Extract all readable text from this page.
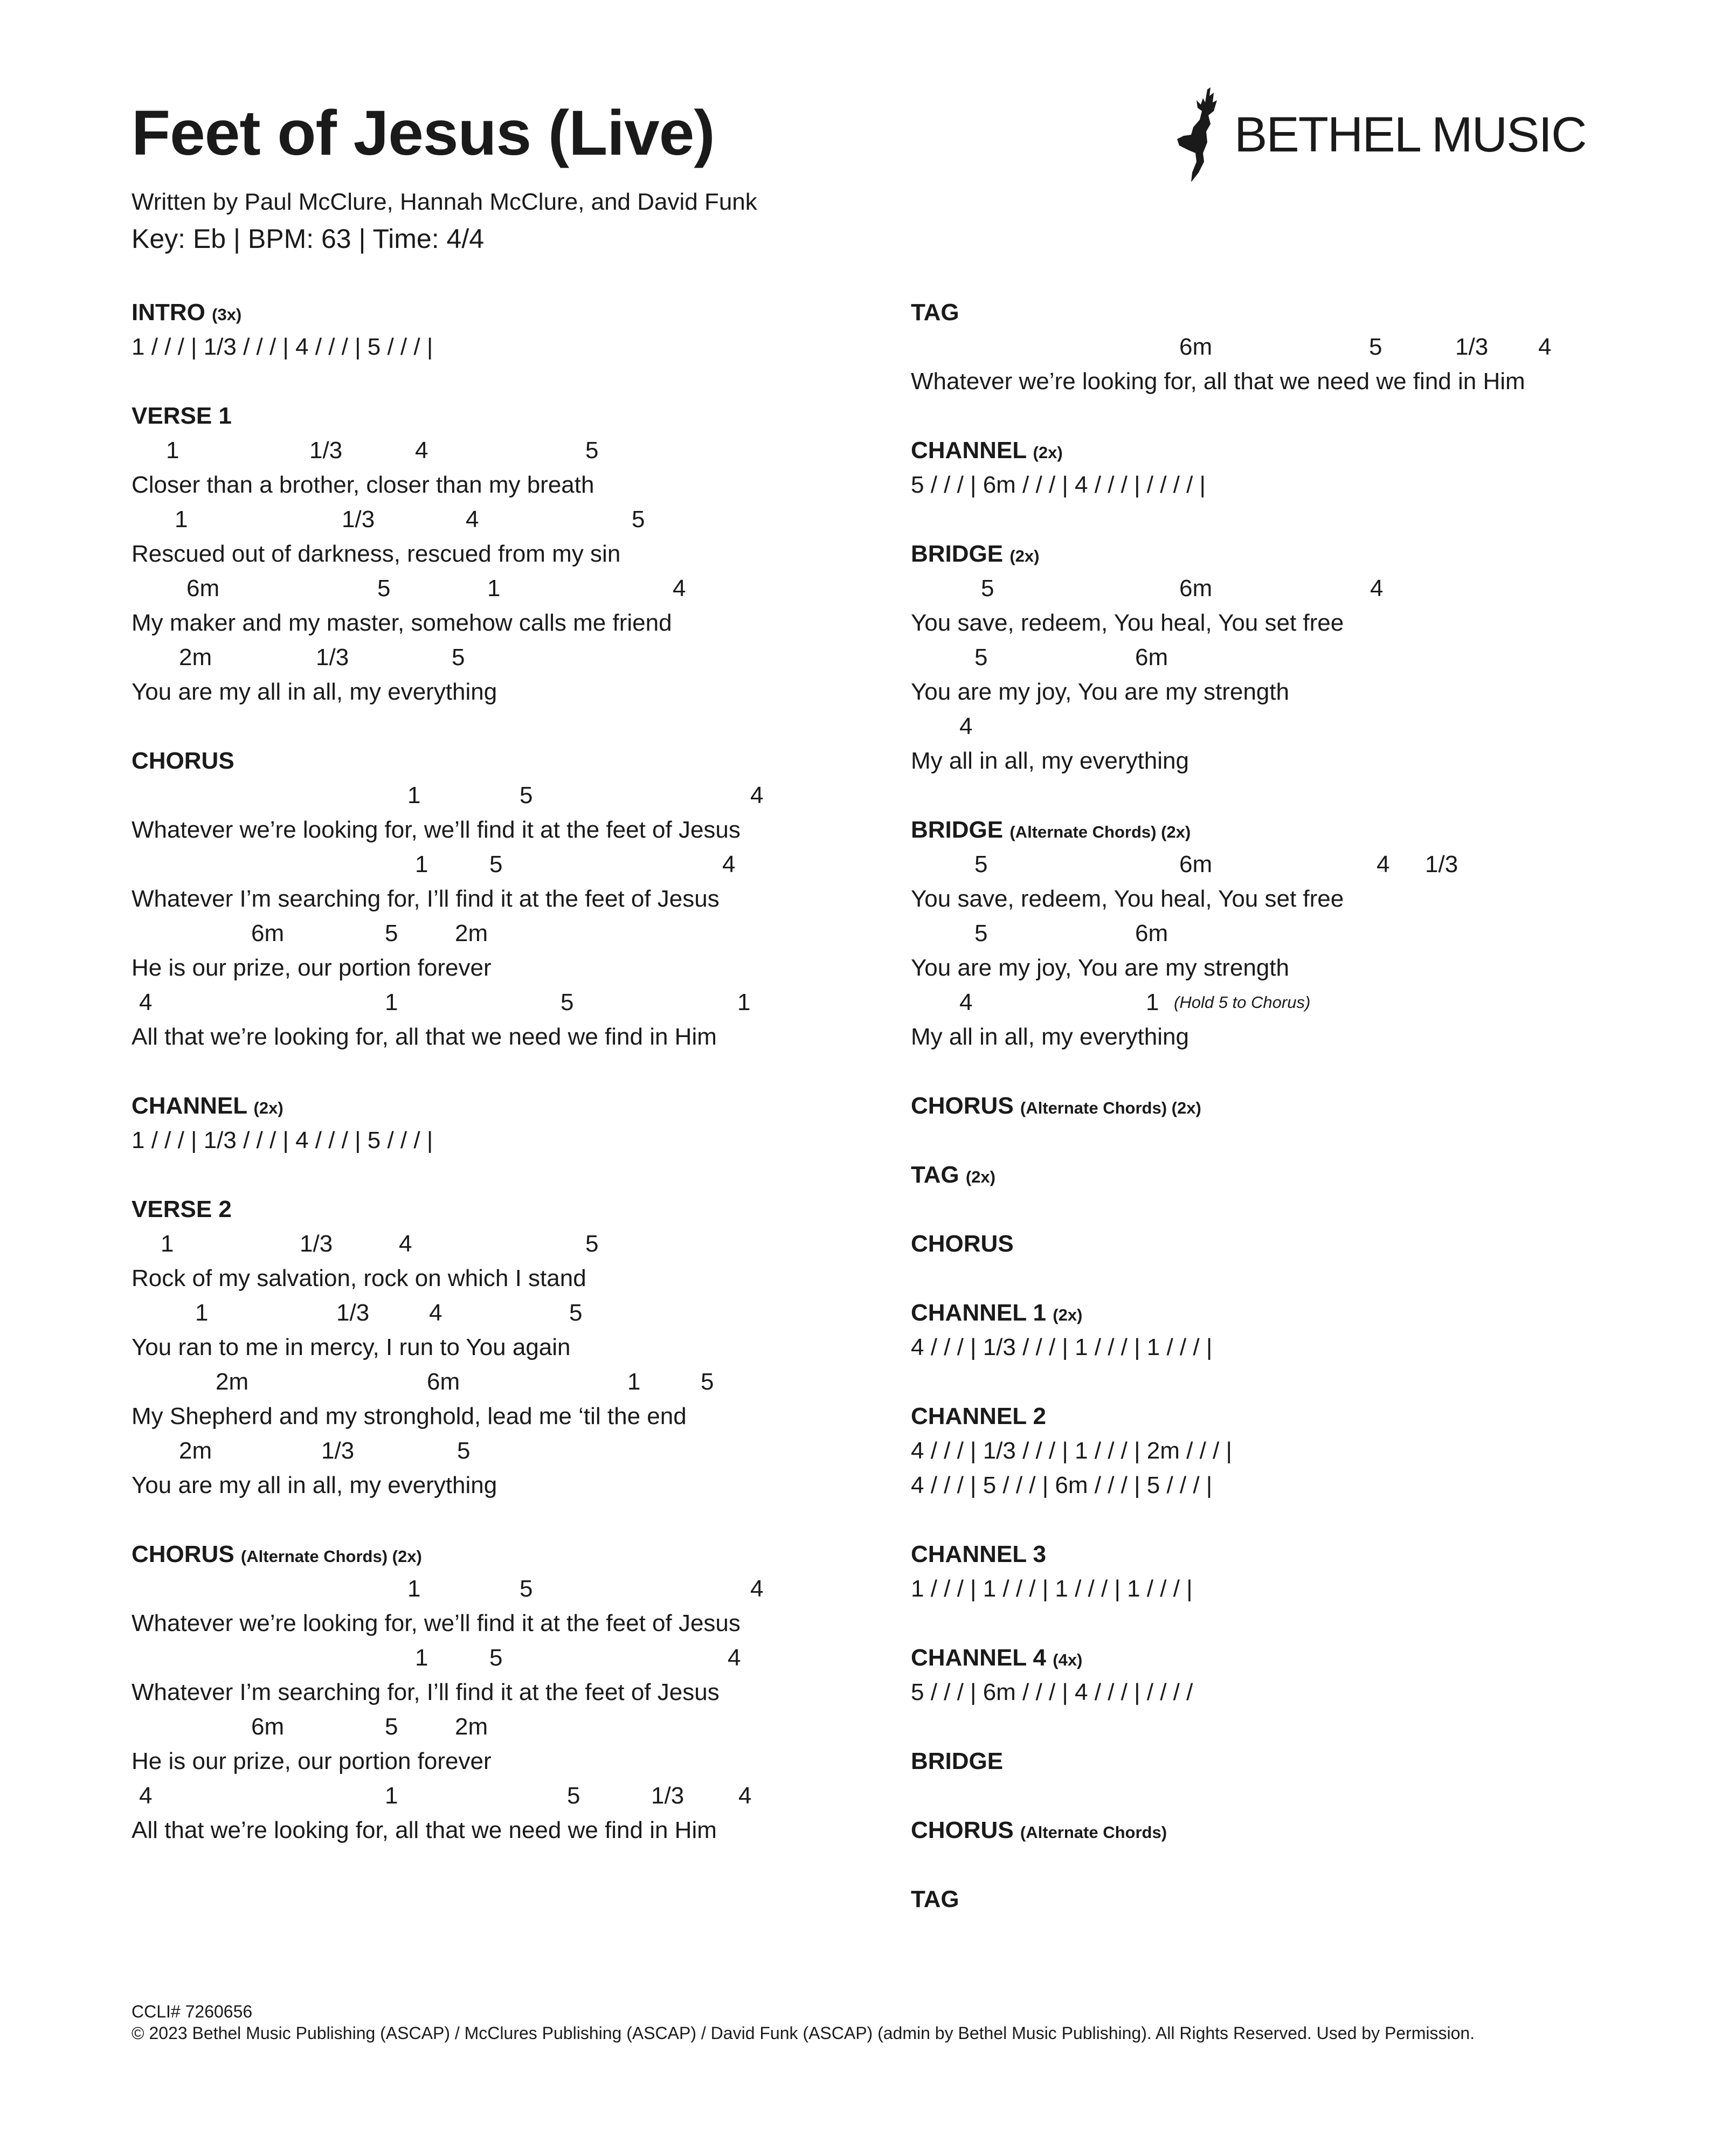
Feet of Jesus (Live)
Written by Paul McClure, Hannah McClure, and David Funk
Key: Eb | BPM: 63 | Time: 4/4
BETHEL MUSIC
INTRO (3x)
1 / / / | 1/3 / / / | 4 / / / | 5 / / / |
VERSE 1
1	1/3	4	5
Closer than a brother, closer than my breath
1	1/3	4	5
Rescued out of darkness, rescued from my sin
6m	5	1	4
My maker and my master, somehow calls me friend
2m	1/3	5
You are my all in all, my everything
CHORUS
1	5	4
Whatever we’re looking for, we’ll find it at the feet of Jesus
1	5	4
Whatever I’m searching for, I’ll find it at the feet of Jesus
6m	5 2m
He is our prize, our portion forever
4	1	5	1
All that we’re looking for, all that we need we find in Him
CHANNEL (2x)
1 / / / | 1/3 / / / | 4 / / / | 5 / / / |
VERSE 2
1	1/3	4	5
Rock of my salvation, rock on which I stand
1	1/3	4	5
You ran to me in mercy, I run to You again
2m	6m	1	5
My Shepherd and my stronghold, lead me ‘til the end
2m	1/3	5
You are my all in all, my everything
CHORUS (Alternate Chords) (2x)
1	5	4
Whatever we’re looking for, we’ll find it at the feet of Jesus
1	5	4
Whatever I’m searching for, I’ll find it at the feet of Jesus
6m	5 2m
He is our prize, our portion forever
4	1	5	1/3 4
All that we’re looking for, all that we need we find in Him
TAG
6m	5	1/3 4
Whatever we’re looking for, all that we need we find in Him
CHANNEL (2x)
5 / / / | 6m / / / | 4 / / / | / / / / |
BRIDGE (2x)
5	6m	4
You save, redeem, You heal, You set free
5	6m
You are my joy, You are my strength
4
My all in all, my everything
BRIDGE (Alternate Chords) (2x)
5	6m	4 1/3
You save, redeem, You heal, You set free
5	6m
You are my joy, You are my strength
4	1 (Hold 5 to Chorus)
My all in all, my everything
CHORUS (Alternate Chords) (2x)
TAG (2x)
CHORUS
CHANNEL 1 (2x)
4 / / / | 1/3 / / / | 1 / / / | 1 / / / |
CHANNEL 2
4 / / / | 1/3 / / / | 1 / / / | 2m / / / |
4 / / / | 5 / / / | 6m / / / | 5 / / / |
CHANNEL 3
1 / / / | 1 / / / | 1 / / / | 1 / / / |
CHANNEL 4 (4x)
5 / / / | 6m / / / | 4 / / / | / / / /
BRIDGE
CHORUS (Alternate Chords)
TAG
CCLI# 7260656
© 2023 Bethel Music Publishing (ASCAP) / McClures Publishing (ASCAP) / David Funk (ASCAP) (admin by Bethel Music Publishing). All Rights Reserved. Used by Permission.
